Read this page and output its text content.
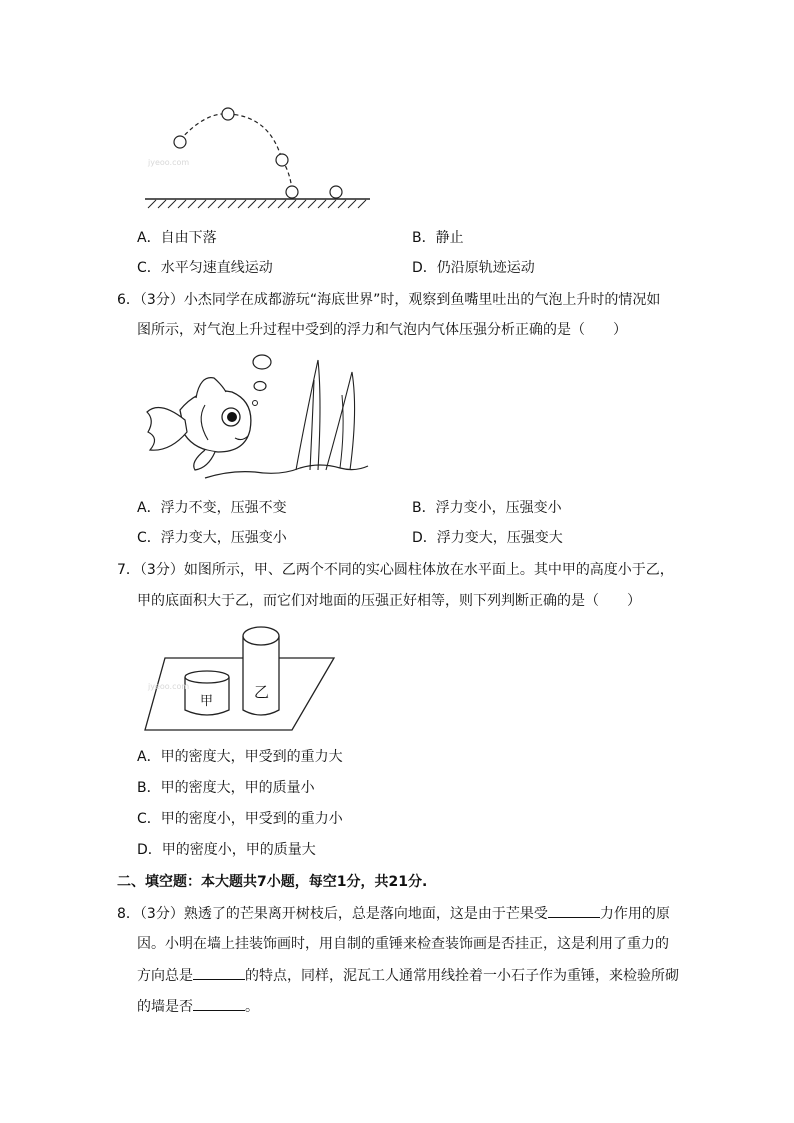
jyeoo.com
A．自由下落	B．静止
C．水平匀速直线运动	D．仍沿原轨迹运动
6．（3分）小杰同学在成都游玩“海底世界”时，观察到鱼嘴里吐出的气泡上升时的情况如
图所示，对气泡上升过程中受到的浮力和气泡内气体压强分析正确的是（　　）
A．浮力不变，压强不变	B．浮力变小，压强变小
C．浮力变大，压强变小	D．浮力变大，压强变大
7．（3分）如图所示，甲、乙两个不同的实心圆柱体放在水平面上。其中甲的高度小于乙，
甲的底面积大于乙，而它们对地面的压强正好相等，则下列判断正确的是（　　）
甲
乙
jyeoo.com
A．甲的密度大，甲受到的重力大
B．甲的密度大，甲的质量小
C．甲的密度小，甲受到的重力小
D．甲的密度小，甲的质量大
二、填空题：本大题共7小题，每空1分，共21分.
8．（3分）熟透了的芒果离开树枝后，总是落向地面，这是由于芒果受	力作用的原
因。小明在墙上挂装饰画时，用自制的重锤来检查装饰画是否挂正，这是利用了重力的
方向总是	的特点，同样，泥瓦工人通常用线拴着一小石子作为重锤，来检验所砌
的墙是否	。
